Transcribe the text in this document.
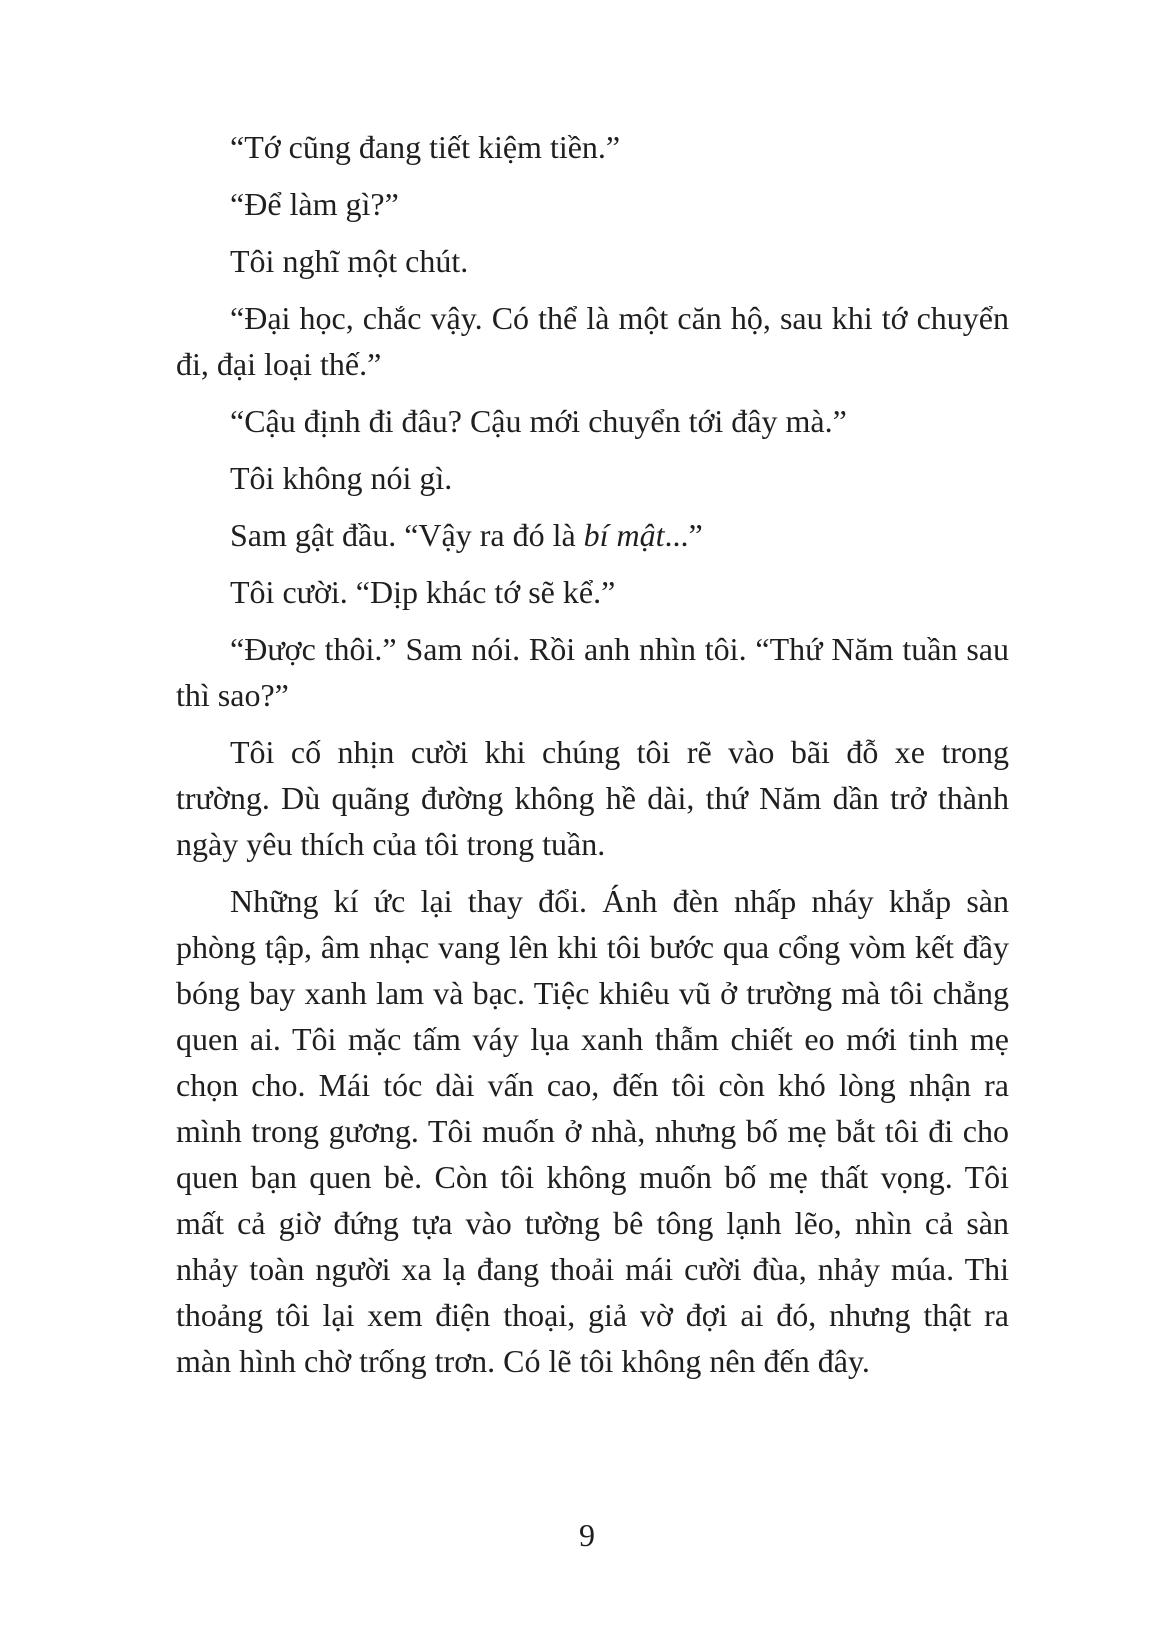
“Tớ cũng đang tiết kiệm tiền.”

“Để làm gì?”

Tôi nghĩ một chút.

“Đại học, chắc vậy. Có thể là một căn hộ, sau khi tớ chuyển đi, đại loại thế.”

“Cậu định đi đâu? Cậu mới chuyển tới đây mà.”

Tôi không nói gì.

Sam gật đầu. “Vậy ra đó là bí mật...”

Tôi cười. “Dịp khác tớ sẽ kể.”

“Được thôi.” Sam nói. Rồi anh nhìn tôi. “Thứ Năm tuần sau thì sao?”

Tôi cố nhịn cười khi chúng tôi rẽ vào bãi đỗ xe trong trường. Dù quãng đường không hề dài, thứ Năm dần trở thành ngày yêu thích của tôi trong tuần.

Những kí ức lại thay đổi. Ánh đèn nhấp nháy khắp sàn phòng tập, âm nhạc vang lên khi tôi bước qua cổng vòm kết đầy bóng bay xanh lam và bạc. Tiệc khiêu vũ ở trường mà tôi chẳng quen ai. Tôi mặc tấm váy lụa xanh thẫm chiết eo mới tinh mẹ chọn cho. Mái tóc dài vấn cao, đến tôi còn khó lòng nhận ra mình trong gương. Tôi muốn ở nhà, nhưng bố mẹ bắt tôi đi cho quen bạn quen bè. Còn tôi không muốn bố mẹ thất vọng. Tôi mất cả giờ đứng tựa vào tường bê tông lạnh lẽo, nhìn cả sàn nhảy toàn người xa lạ đang thoải mái cười đùa, nhảy múa. Thi thoảng tôi lại xem điện thoại, giả vờ đợi ai đó, nhưng thật ra màn hình chờ trống trơn. Có lẽ tôi không nên đến đây.

9
